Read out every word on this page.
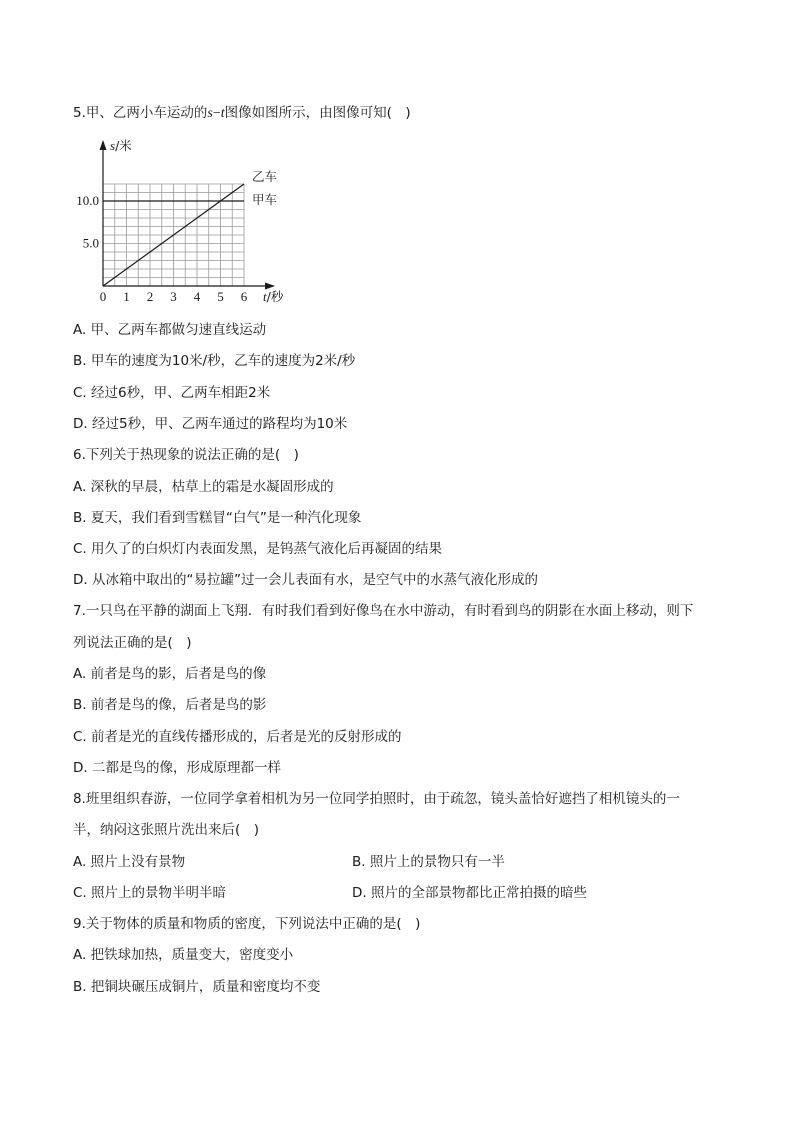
5.甲、乙两小车运动的s−t图像如图所示，由图像可知(　)
乙车
甲车
0 1 2 3 4 5 6
5.0
10.0
s/米
t/秒
A. 甲、乙两车都做匀速直线运动
B. 甲车的速度为10米/秒，乙车的速度为2米/秒
C. 经过6秒，甲、乙两车相距2米
D. 经过5秒，甲、乙两车通过的路程均为10米
6.下列关于热现象的说法正确的是(　)
A. 深秋的早晨，枯草上的霜是水凝固形成的
B. 夏天，我们看到雪糕冒“白气”是一种汽化现象
C. 用久了的白炽灯内表面发黑，是钨蒸气液化后再凝固的结果
D. 从冰箱中取出的“易拉罐”过一会儿表面有水，是空气中的水蒸气液化形成的
7.一只鸟在平静的湖面上飞翔．有时我们看到好像鸟在水中游动，有时看到鸟的阴影在水面上移动，则下
列说法正确的是(　)
A. 前者是鸟的影，后者是鸟的像
B. 前者是鸟的像，后者是鸟的影
C. 前者是光的直线传播形成的，后者是光的反射形成的
D. 二都是鸟的像，形成原理都一样
8.班里组织春游，一位同学拿着相机为另一位同学拍照时，由于疏忽，镜头盖恰好遮挡了相机镜头的一
半，纳闷这张照片洗出来后(　)
A. 照片上没有景物	B. 照片上的景物只有一半
C. 照片上的景物半明半暗	D. 照片的全部景物都比正常拍摄的暗些
9.关于物体的质量和物质的密度，下列说法中正确的是(　)
A. 把铁球加热，质量变大，密度变小
B. 把铜块碾压成铜片，质量和密度均不变
